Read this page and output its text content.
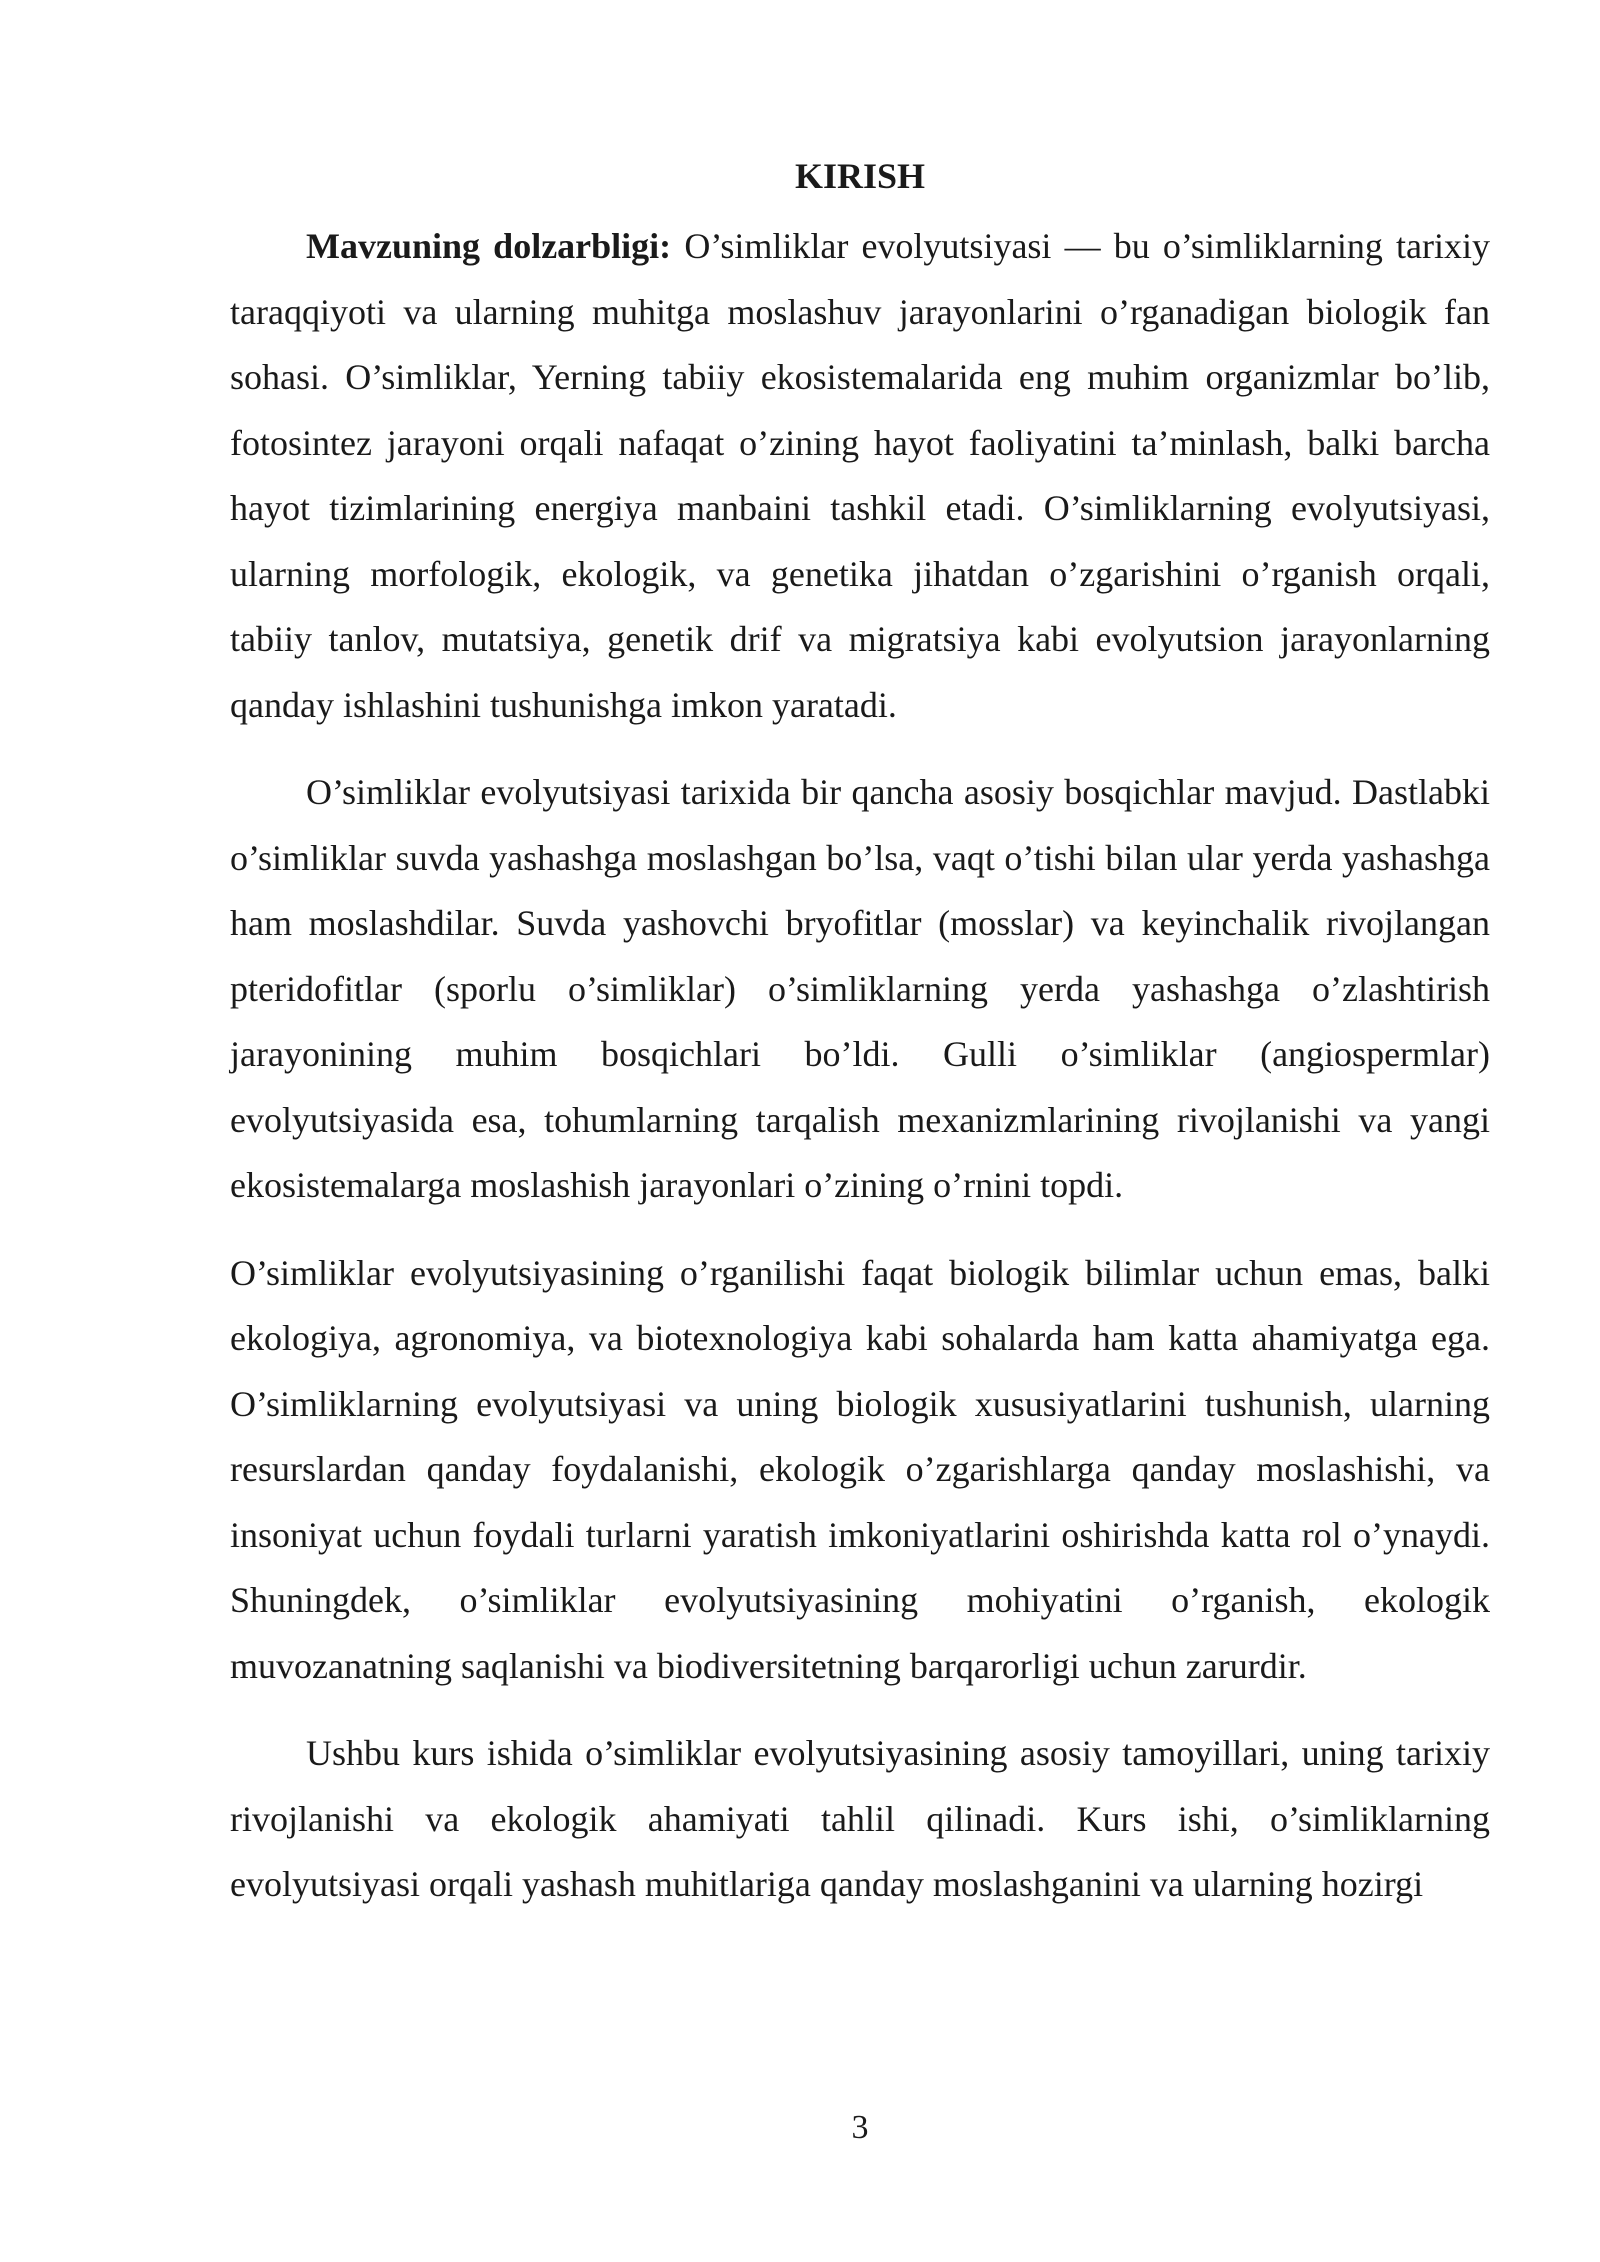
KIRISH

Mavzuning dolzarbligi: O’simliklar evolyutsiyasi — bu o’simliklarning tarixiy taraqqiyoti va ularning muhitga moslashuv jarayonlarini o’rganadigan biologik fan sohasi. O’simliklar, Yerning tabiiy ekosistemalarida eng muhim organizmlar bo’lib, fotosintez jarayoni orqali nafaqat o’zining hayot faoliyatini ta’minlash, balki barcha hayot tizimlarining energiya manbaini tashkil etadi. O’simliklarning evolyutsiyasi, ularning morfologik, ekologik, va genetika jihatdan o’zgarishini o’rganish orqali, tabiiy tanlov, mutatsiya, genetik drif va migratsiya kabi evolyutsion jarayonlarning qanday ishlashini tushunishga imkon yaratadi.

O’simliklar evolyutsiyasi tarixida bir qancha asosiy bosqichlar mavjud. Dastlabki o’simliklar suvda yashashga moslashgan bo’lsa, vaqt o’tishi bilan ular yerda yashashga ham moslashdilar. Suvda yashovchi bryofitlar (mosslar) va keyinchalik rivojlangan pteridofitlar (sporlu o’simliklar) o’simliklarning yerda yashashga o’zlashtirish jarayonining muhim bosqichlari bo’ldi. Gulli o’simliklar (angiospermlar) evolyutsiyasida esa, tohumlarning tarqalish mexanizmlarining rivojlanishi va yangi ekosistemalarga moslashish jarayonlari o’zining o’rnini topdi.

O’simliklar evolyutsiyasining o’rganilishi faqat biologik bilimlar uchun emas, balki ekologiya, agronomiya, va biotexnologiya kabi sohalarda ham katta ahamiyatga ega. O’simliklarning evolyutsiyasi va uning biologik xususiyatlarini tushunish, ularning resurslardan qanday foydalanishi, ekologik o’zgarishlarga qanday moslashishi, va insoniyat uchun foydali turlarni yaratish imkoniyatlarini oshirishda katta rol o’ynaydi. Shuningdek, o’simliklar evolyutsiyasining mohiyatini o’rganish, ekologik muvozanatning saqlanishi va biodiversitetning barqarorligi uchun zarurdir.

Ushbu kurs ishida o’simliklar evolyutsiyasining asosiy tamoyillari, uning tarixiy rivojlanishi va ekologik ahamiyati tahlil qilinadi. Kurs ishi, o’simliklarning evolyutsiyasi orqali yashash muhitlariga qanday moslashganini va ularning hozirgi

3
